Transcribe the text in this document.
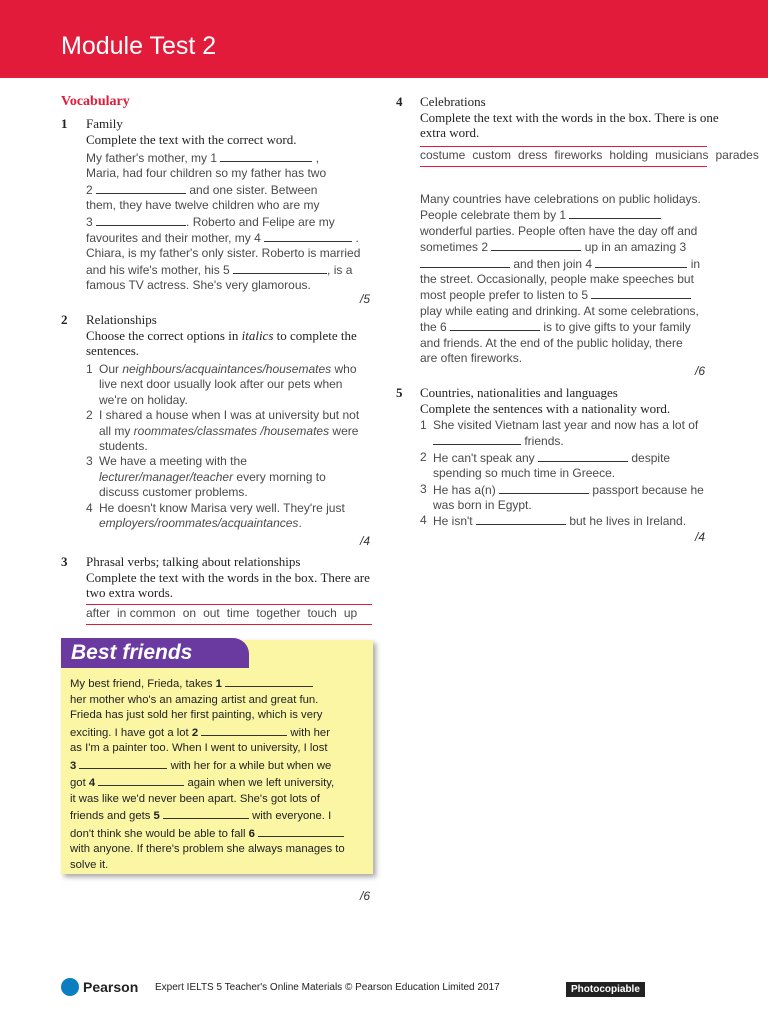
Module Test 2
Vocabulary
1 Family
Complete the text with the correct word.
My father's mother, my 1	,
Maria, had four children so my father has two
2	and one sister. Between
them, they have twelve children who are my
3	. Roberto and Felipe are my
favourites and their mother, my 4	.
Chiara, is my father's only sister. Roberto is married
and his wife's mother, his 5	, is a
famous TV actress. She's very glamorous.
/5
2 Relationships
Choose the correct options in italics to complete the sentences.
1 Our neighbours/acquaintances/housemates who live next door usually look after our pets when we're on holiday.
2 I shared a house when I was at university but not all my roommates/classmates /housemates were students.
3 We have a meeting with the lecturer/manager/teacher every morning to discuss customer problems.
4 He doesn't know Marisa very well. They're just employers/roommates/acquaintances.
/4
3 Phrasal verbs; talking about relationships
Complete the text with the words in the box. There are two extra words.
after in common on out time together touch up
Best friends
My best friend, Frieda, takes 1
her mother who's an amazing artist and great fun.
Frieda has just sold her first painting, which is very
exciting. I have got a lot 2	with her
as I'm a painter too. When I went to university, I lost
3	with her for a while but when we
got 4	again when we left university,
it was like we'd never been apart. She's got lots of
friends and gets 5	with everyone. I
don't think she would be able to fall 6
with anyone. If there's problem she always manages to
solve it.
/6
4 Celebrations
Complete the text with the words in the box. There is one extra word.
costume custom dress fireworks holding musicians parades
Many countries have celebrations on public holidays.
People celebrate them by 1
wonderful parties. People often have the day off and
sometimes 2	up in an amazing 3
and then join 4	in
the street. Occasionally, people make speeches but
most people prefer to listen to 5
play while eating and drinking. At some celebrations,
the 6	is to give gifts to your family
and friends. At the end of the public holiday, there
are often fireworks.
/6
5 Countries, nationalities and languages
Complete the sentences with a nationality word.
1 She visited Vietnam last year and now has a lot of
friends.
2 He can't speak any	despite
spending so much time in Greece.
3 He has a(n)	passport because he
was born in Egypt.
4 He isn't	but he lives in Ireland.
/4
Pearson Expert IELTS 5 Teacher's Online Materials © Pearson Education Limited 2017	Photocopiable
